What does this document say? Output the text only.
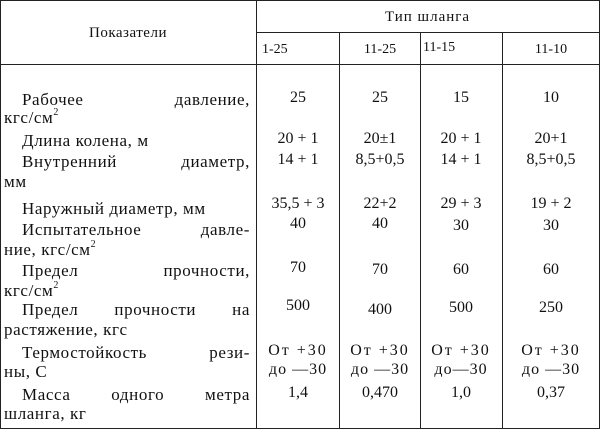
Показатели
Тип шланга
1-25	11-25	11-15	11-10
Рабочее давление,
кгс/$см^2$
25	25	15	10
Длина колена, м	20 + 1	20±1	20 + 1	20+1
Внутренний диаметр,
мм
14 + 1	8,5+0,5	14 + 1	8,5+0,5
Наружный диаметр, мм	35,5 + 3	22+2	29 + 3	19 + 2
Испытательное давле-
ние, кгс/$см^2$
40	40	30	30
Предел прочности,
кгс/$см^2$
70	70	60	60
Предел прочности на
растяжение, кгс
500	400	500	250
Термостойкость рези-
ны, С
От +30	От +30	От +30	От +30
до —30	до —30	до—30	до —30
Масса одного метра
шланга, кг
1,4	0,470	1,0	0,37
